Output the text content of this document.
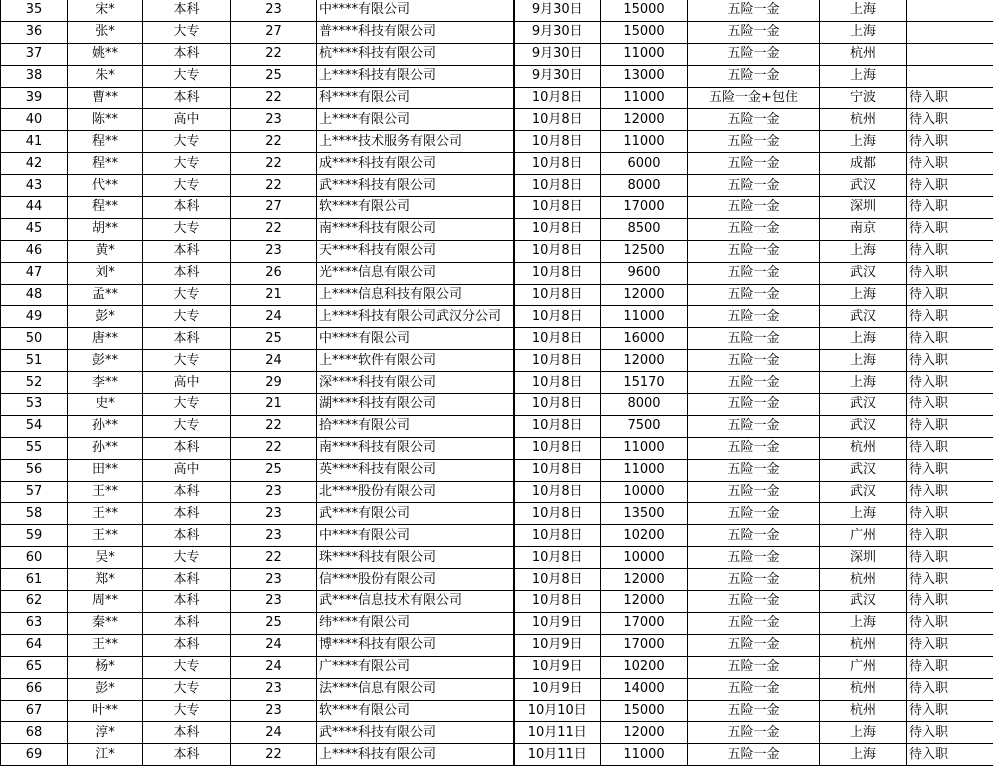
35	宋*	本科	23	中****有限公司	9月30日	15000	五险一金	上海	
36	张*	大专	27	普****科技有限公司	9月30日	15000	五险一金	上海	
37	姚**	本科	22	杭****科技有限公司	9月30日	11000	五险一金	杭州	
38	朱*	大专	25	上****科技有限公司	9月30日	13000	五险一金	上海	
39	曹**	本科	22	科****有限公司	10月8日	11000	五险一金+包住	宁波	待入职
40	陈**	高中	23	上****有限公司	10月8日	12000	五险一金	杭州	待入职
41	程**	大专	22	上****技术服务有限公司	10月8日	11000	五险一金	上海	待入职
42	程**	大专	22	成****科技有限公司	10月8日	6000	五险一金	成都	待入职
43	代**	大专	22	武****科技有限公司	10月8日	8000	五险一金	武汉	待入职
44	程**	本科	27	软****有限公司	10月8日	17000	五险一金	深圳	待入职
45	胡**	大专	22	南****科技有限公司	10月8日	8500	五险一金	南京	待入职
46	黄*	本科	23	天****科技有限公司	10月8日	12500	五险一金	上海	待入职
47	刘*	本科	26	光****信息有限公司	10月8日	9600	五险一金	武汉	待入职
48	孟**	大专	21	上****信息科技有限公司	10月8日	12000	五险一金	上海	待入职
49	彭*	大专	24	上****科技有限公司武汉分公司	10月8日	11000	五险一金	武汉	待入职
50	唐**	本科	25	中****有限公司	10月8日	16000	五险一金	上海	待入职
51	彭**	大专	24	上****软件有限公司	10月8日	12000	五险一金	上海	待入职
52	李**	高中	29	深****科技有限公司	10月8日	15170	五险一金	上海	待入职
53	史*	大专	21	湖****科技有限公司	10月8日	8000	五险一金	武汉	待入职
54	孙**	大专	22	拾****有限公司	10月8日	7500	五险一金	武汉	待入职
55	孙**	本科	22	南****科技有限公司	10月8日	11000	五险一金	杭州	待入职
56	田**	高中	25	英****科技有限公司	10月8日	11000	五险一金	武汉	待入职
57	王**	本科	23	北****股份有限公司	10月8日	10000	五险一金	武汉	待入职
58	王**	本科	23	武****有限公司	10月8日	13500	五险一金	上海	待入职
59	王**	本科	23	中****有限公司	10月8日	10200	五险一金	广州	待入职
60	吴*	大专	22	珠****科技有限公司	10月8日	10000	五险一金	深圳	待入职
61	郑*	本科	23	信****股份有限公司	10月8日	12000	五险一金	杭州	待入职
62	周**	本科	23	武****信息技术有限公司	10月8日	12000	五险一金	武汉	待入职
63	秦**	本科	25	纬****有限公司	10月9日	17000	五险一金	上海	待入职
64	王**	本科	24	博****科技有限公司	10月9日	17000	五险一金	杭州	待入职
65	杨*	大专	24	广****有限公司	10月9日	10200	五险一金	广州	待入职
66	彭*	大专	23	法****信息有限公司	10月9日	14000	五险一金	杭州	待入职
67	叶**	大专	23	软****有限公司	10月10日	15000	五险一金	杭州	待入职
68	淳*	本科	24	武****科技有限公司	10月11日	12000	五险一金	上海	待入职
69	江*	本科	22	上****科技有限公司	10月11日	11000	五险一金	上海	待入职
